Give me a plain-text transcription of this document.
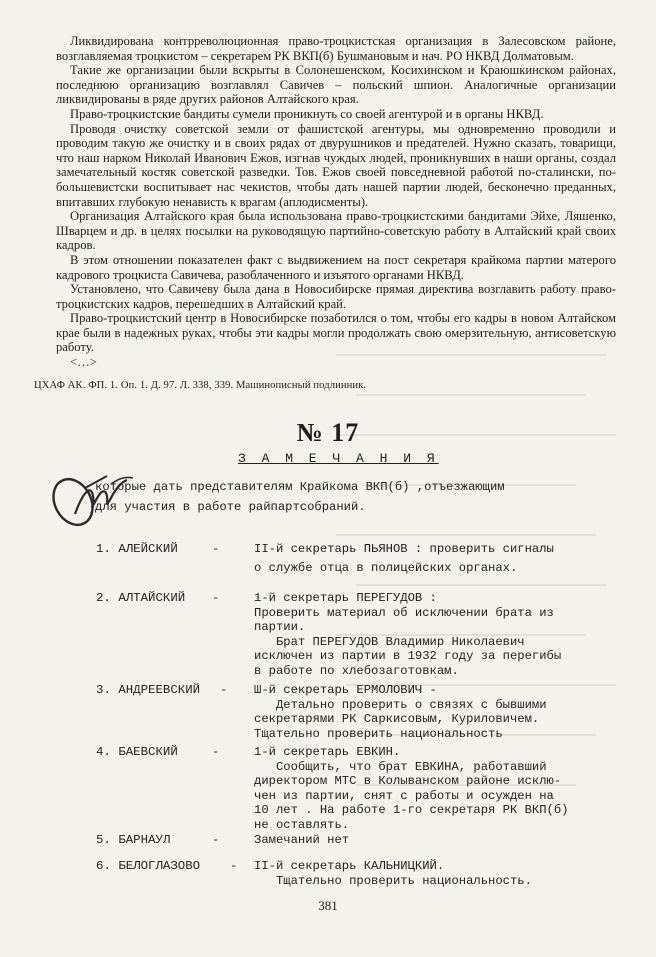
Ликвидирована контрреволюционная право-троцкистская организация в Залесовском районе, возглавляемая троцкистом – секретарем РК ВКП(б) Бушмановым и нач. РО НКВД Долматовым.

Такие же организации были вскрыты в Солонешенском, Косихинском и Краюшкинском районах, последнюю организацию возглавлял Савичев – польский шпион. Аналогичные организации ликвидированы в ряде других районов Алтайского края.

Право-троцкистские бандиты сумели проникнуть со своей агентурой и в органы НКВД.

Проводя очистку советской земли от фашистской агентуры, мы одновременно проводили и проводим такую же очистку и в своих рядах от двурушников и предателей. Нужно сказать, товарищи, что наш нарком Николай Иванович Ежов, изгнав чуждых людей, проникнувших в наши органы, создал замечательный костяк советской разведки. Тов. Ежов своей повседневной работой по-сталински, по-большевистски воспитывает нас чекистов, чтобы дать нашей партии людей, бесконечно преданных, впитавших глубокую ненависть к врагам (аплодисменты).

Организация Алтайского края была использована право-троцкистскими бандитами Эйхе, Ляшенко, Шварцем и др. в целях посылки на руководящую партийно-советскую работу в Алтайский край своих кадров.

В этом отношении показателен факт с выдвижением на пост секретаря крайкома партии матерого кадрового троцкиста Савичева, разоблаченного и изъятого органами НКВД.

Установлено, что Савичеву была дана в Новосибирске прямая директива возглавить работу право-троцкистских кадров, перешедших в Алтайский край.

Право-троцкистский центр в Новосибирске позаботился о том, чтобы его кадры в новом Алтайском крае были в надежных руках, чтобы эти кадры могли продолжать свою омерзительную, антисоветскую работу.

<…>

ЦХАФ АК. ФП. 1. Оп. 1. Д. 97. Л. 338, 339. Машинописный подлинник.
№ 17
З А М Е Ч А Н И Я
которые дать представителям Крайкома ВКП(б) ,отъезжающим
для участия в работе райпартсобраний.
1. АЛЕЙСКИЙ	-	II-й секретарь ПЬЯНОВ : проверить сигналы
о службе отца в полицейских органах.
2. АЛТАЙСКИЙ -	1-й секретарь ПЕРЕГУДОВ :
Проверить материал об исключении брата из
партии.
Брат ПЕРЕГУДОВ Владимир Николаевич
исключен из партии в 1932 году за перегибы
в работе по хлебозаготовкам.
3. АНДРЕЕВСКИЙ - Ш-й секретарь ЕРМОЛОВИЧ -
Детально проверить о связях с бывшими
секретарями РК Саркисовым, Куриловичем.
Тщательно проверить национальность
4. БАЕВСКИЙ	-	1-й секретарь ЕВКИН.
Сообщить, что брат ЕВКИНА, работавший
директором МТС в Колыванском районе исклю-
чен из партии, снят с работы и осужден на
10 лет . На работе 1-го секретаря РК ВКП(б)
не оставлять.
5. БАРНАУЛ	-	Замечаний нет
6. БЕЛОГЛАЗОВО - II-й секретарь КАЛЬНИЦКИЙ.
Тщательно проверить национальность.
381
